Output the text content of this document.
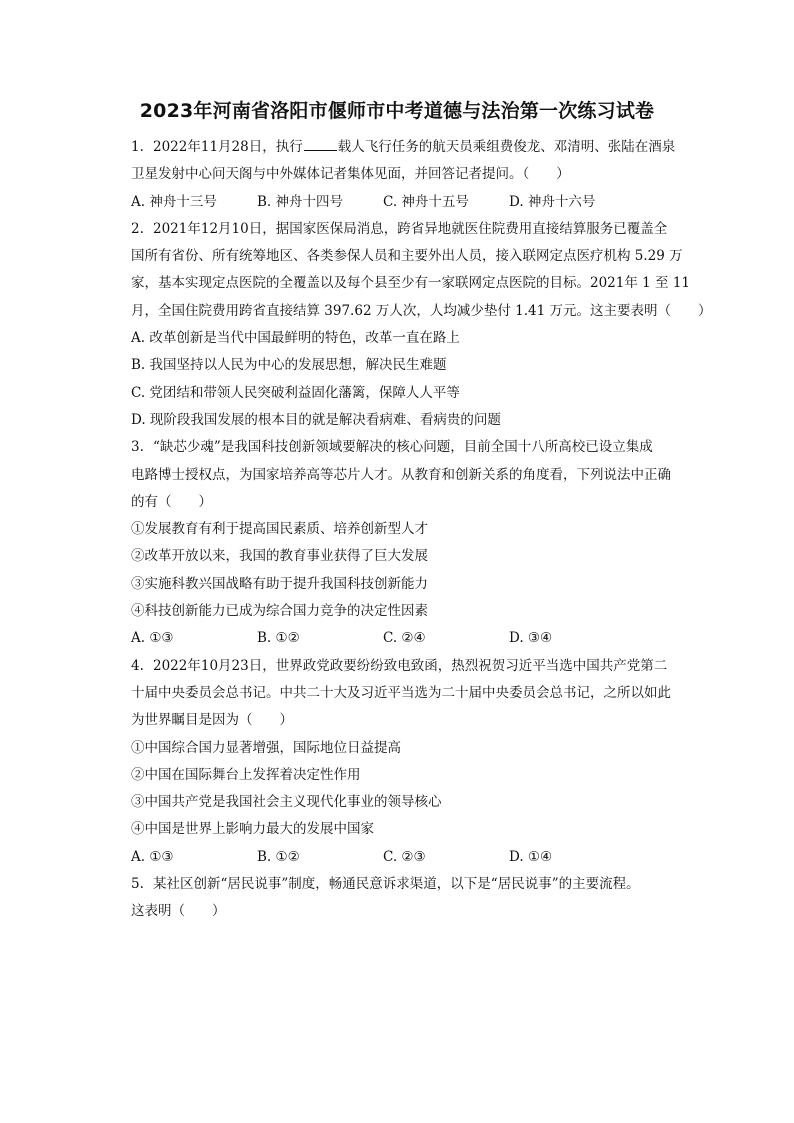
2023年河南省洛阳市偃师市中考道德与法治第一次练习试卷
1. 2022年11月28日，执行	载人飞行任务的航天员乘组费俊龙、邓清明、张陆在酒泉
卫星发射中心问天阁与中外媒体记者集体见面，并回答记者提问。（　　）
A. 神舟十三号	B. 神舟十四号	C. 神舟十五号	D. 神舟十六号
2. 2021年12月10日，据国家医保局消息，跨省异地就医住院费用直接结算服务已覆盖全
国所有省份、所有统筹地区、各类参保人员和主要外出人员，接入联网定点医疗机构 5.29 万
家，基本实现定点医院的全覆盖以及每个县至少有一家联网定点医院的目标。2021年 1 至 11
月，全国住院费用跨省直接结算 397.62 万人次，人均减少垫付 1.41 万元。这主要表明（　　）
A. 改革创新是当代中国最鲜明的特色，改革一直在路上
B. 我国坚持以人民为中心的发展思想，解决民生难题
C. 党团结和带领人民突破利益固化藩篱，保障人人平等
D. 现阶段我国发展的根本目的就是解决看病难、看病贵的问题
3. “缺芯少魂”是我国科技创新领域要解决的核心问题，目前全国十八所高校已设立集成
电路博士授权点，为国家培养高等芯片人才。从教育和创新关系的角度看，下列说法中正确
的有（　　）
①发展教育有利于提高国民素质、培养创新型人才
②改革开放以来，我国的教育事业获得了巨大发展
③实施科教兴国战略有助于提升我国科技创新能力
④科技创新能力已成为综合国力竞争的决定性因素
A. ①③	B. ①②	C. ②④	D. ③④
4. 2022年10月23日，世界政党政要纷纷致电致函，热烈祝贺习近平当选中国共产党第二
十届中央委员会总书记。中共二十大及习近平当选为二十届中央委员会总书记，之所以如此
为世界瞩目是因为（　　）
①中国综合国力显著增强，国际地位日益提高
②中国在国际舞台上发挥着决定性作用
③中国共产党是我国社会主义现代化事业的领导核心
④中国是世界上影响力最大的发展中国家
A. ①③	B. ①②	C. ②③	D. ①④
5. 某社区创新“居民说事”制度，畅通民意诉求渠道，以下是“居民说事”的主要流程。
这表明（　　）
